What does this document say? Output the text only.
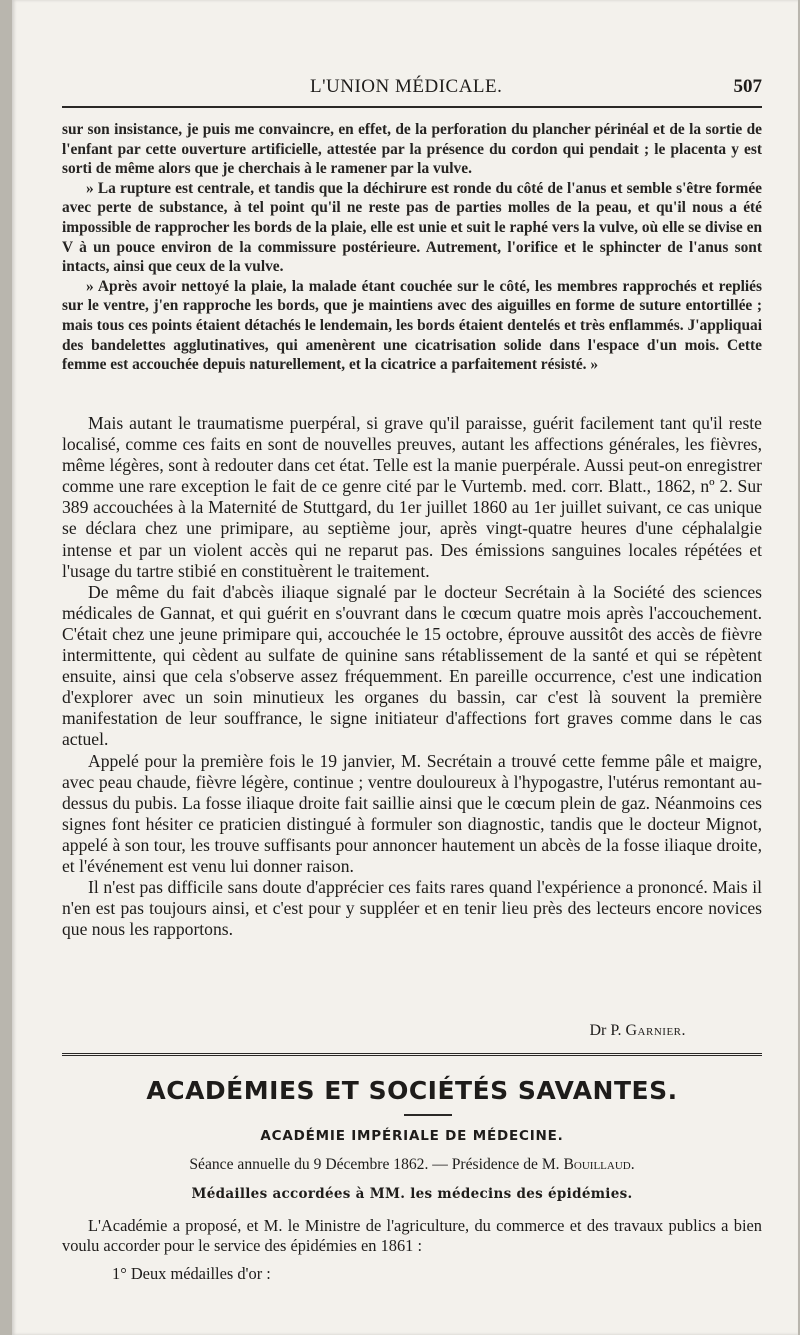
L'UNION MÉDICALE.	507

sur son insistance, je puis me convaincre, en effet, de la perforation du plancher périnéal et de la sortie de l'enfant par cette ouverture artificielle, attestée par la présence du cordon qui pendait ; le placenta y est sorti de même alors que je cherchais à le ramener par la vulve.

» La rupture est centrale, et tandis que la déchirure est ronde du côté de l'anus et semble s'être formée avec perte de substance, à tel point qu'il ne reste pas de parties molles de la peau, et qu'il nous a été impossible de rapprocher les bords de la plaie, elle est unie et suit le raphé vers la vulve, où elle se divise en V à un pouce environ de la commissure postérieure. Autrement, l'orifice et le sphincter de l'anus sont intacts, ainsi que ceux de la vulve.

» Après avoir nettoyé la plaie, la malade étant couchée sur le côté, les membres rapprochés et repliés sur le ventre, j'en rapproche les bords, que je maintiens avec des aiguilles en forme de suture entortillée ; mais tous ces points étaient détachés le lendemain, les bords étaient dentelés et très enflammés. J'appliquai des bandelettes agglutinatives, qui amenèrent une cicatrisation solide dans l'espace d'un mois. Cette femme est accouchée depuis naturellement, et la cicatrice a parfaitement résisté. »

Mais autant le traumatisme puerpéral, si grave qu'il paraisse, guérit facilement tant qu'il reste localisé, comme ces faits en sont de nouvelles preuves, autant les affections générales, les fièvres, même légères, sont à redouter dans cet état. Telle est la manie puerpérale. Aussi peut-on enregistrer comme une rare exception le fait de ce genre cité par le Vurtemb. med. corr. Blatt., 1862, nº 2. Sur 389 accouchées à la Maternité de Stuttgard, du 1er juillet 1860 au 1er juillet suivant, ce cas unique se déclara chez une primipare, au septième jour, après vingt-quatre heures d'une céphalalgie intense et par un violent accès qui ne reparut pas. Des émissions sanguines locales répétées et l'usage du tartre stibié en constituèrent le traitement.

De même du fait d'abcès iliaque signalé par le docteur Secrétain à la Société des sciences médicales de Gannat, et qui guérit en s'ouvrant dans le cœcum quatre mois après l'accouchement. C'était chez une jeune primipare qui, accouchée le 15 octobre, éprouve aussitôt des accès de fièvre intermittente, qui cèdent au sulfate de quinine sans rétablissement de la santé et qui se répètent ensuite, ainsi que cela s'observe assez fréquemment. En pareille occurrence, c'est une indication d'explorer avec un soin minutieux les organes du bassin, car c'est là souvent la première manifestation de leur souffrance, le signe initiateur d'affections fort graves comme dans le cas actuel.

Appelé pour la première fois le 19 janvier, M. Secrétain a trouvé cette femme pâle et maigre, avec peau chaude, fièvre légère, continue ; ventre douloureux à l'hypogastre, l'utérus remontant au-dessus du pubis. La fosse iliaque droite fait saillie ainsi que le cœcum plein de gaz. Néanmoins ces signes font hésiter ce praticien distingué à formuler son diagnostic, tandis que le docteur Mignot, appelé à son tour, les trouve suffisants pour annoncer hautement un abcès de la fosse iliaque droite, et l'événement est venu lui donner raison.

Il n'est pas difficile sans doute d'apprécier ces faits rares quand l'expérience a prononcé. Mais il n'en est pas toujours ainsi, et c'est pour y suppléer et en tenir lieu près des lecteurs encore novices que nous les rapportons.

Dr P. Garnier.
ACADÉMIES ET SOCIÉTÉS SAVANTES.
ACADÉMIE IMPÉRIALE DE MÉDECINE.
Séance annuelle du 9 Décembre 1862. — Présidence de M. Bouillaud.
Médailles accordées à MM. les médecins des épidémies.
L'Académie a proposé, et M. le Ministre de l'agriculture, du commerce et des travaux publics a bien voulu accorder pour le service des épidémies en 1861 :
1° Deux médailles d'or :
